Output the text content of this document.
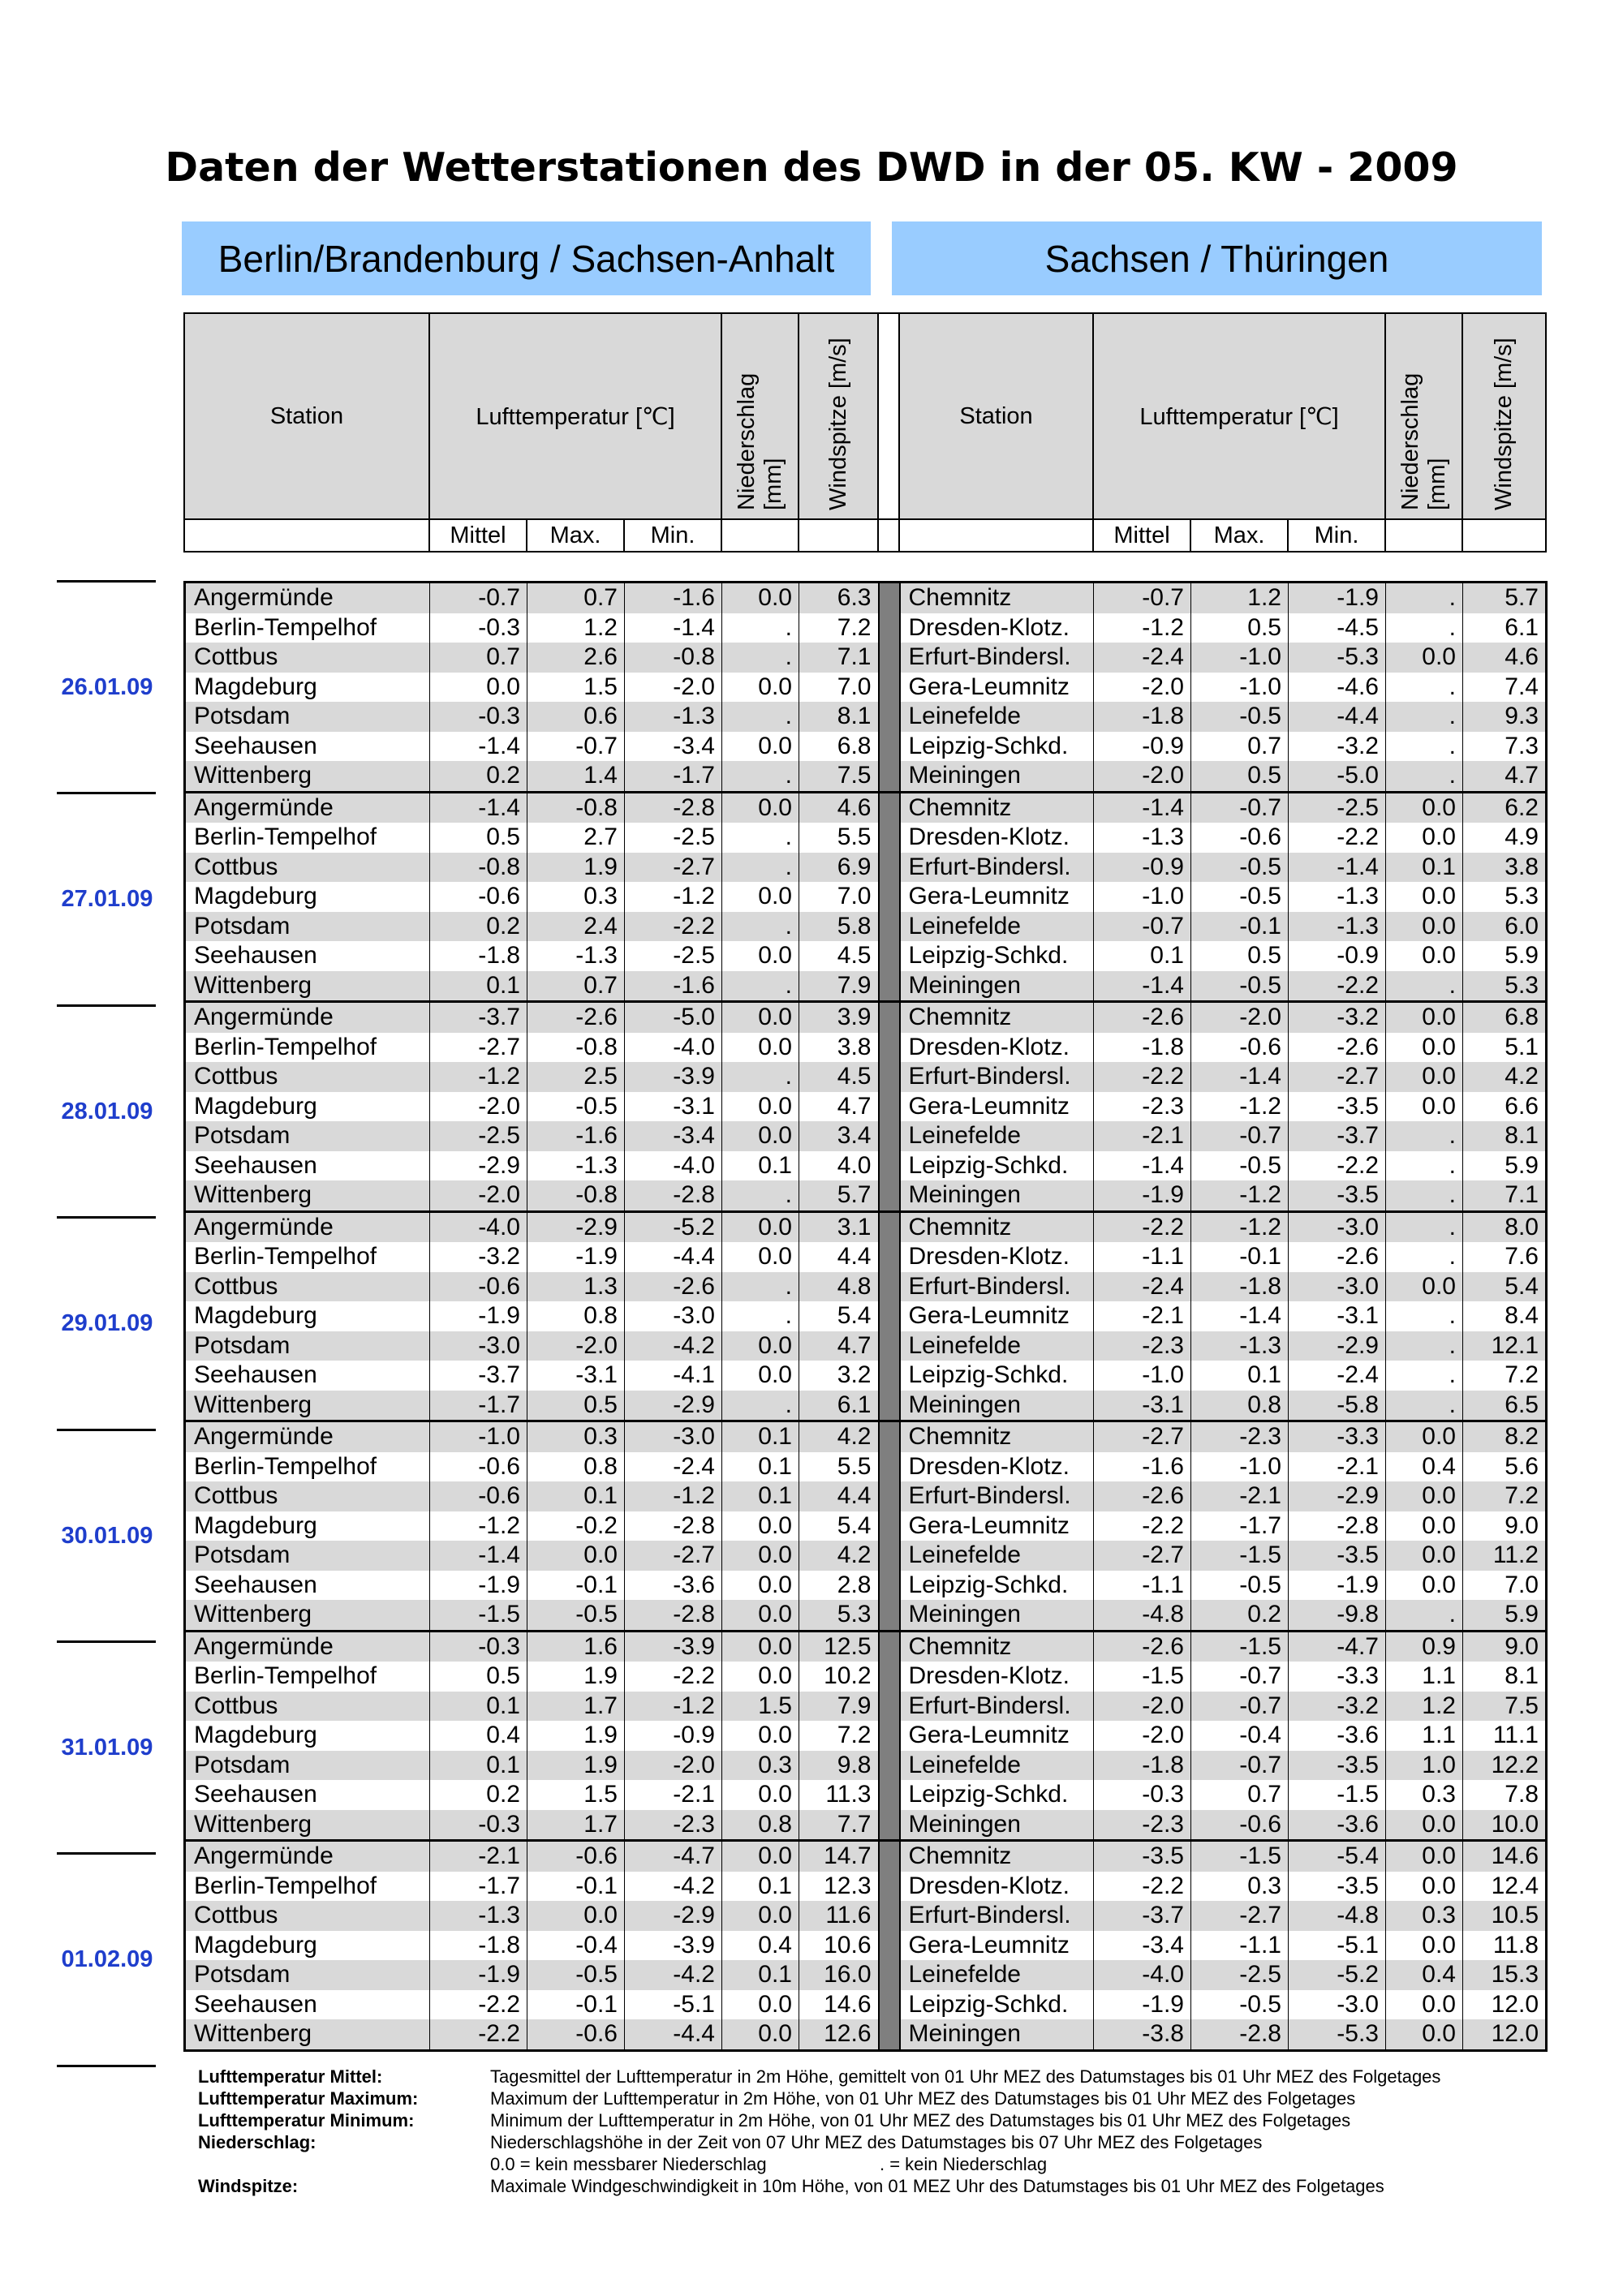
Daten der Wetterstationen des DWD in der 05. KW - 2009
Berlin/Brandenburg / Sachsen-Anhalt	Sachsen / Thüringen
Station	Lufttemperatur [℃]			Niederschlag [mm]	Windspitze [m/s]		Station	Lufttemperatur [℃]			Niederschlag [mm]	Windspitze [m/s]
	Mittel	Max.	Min.					Mittel	Max.	Min.		
Angermünde	-0.7	0.7	-1.6	0.0	6.3		Chemnitz	-0.7	1.2	-1.9	.	5.7
Berlin-Tempelhof	-0.3	1.2	-1.4	.	7.2		Dresden-Klotz.	-1.2	0.5	-4.5	.	6.1
Cottbus	0.7	2.6	-0.8	.	7.1		Erfurt-Bindersl.	-2.4	-1.0	-5.3	0.0	4.6
Magdeburg	0.0	1.5	-2.0	0.0	7.0		Gera-Leumnitz	-2.0	-1.0	-4.6	.	7.4
Potsdam	-0.3	0.6	-1.3	.	8.1		Leinefelde	-1.8	-0.5	-4.4	.	9.3
Seehausen	-1.4	-0.7	-3.4	0.0	6.8		Leipzig-Schkd.	-0.9	0.7	-3.2	.	7.3
Wittenberg	0.2	1.4	-1.7	.	7.5		Meiningen	-2.0	0.5	-5.0	.	4.7
Angermünde	-1.4	-0.8	-2.8	0.0	4.6		Chemnitz	-1.4	-0.7	-2.5	0.0	6.2
Berlin-Tempelhof	0.5	2.7	-2.5	.	5.5		Dresden-Klotz.	-1.3	-0.6	-2.2	0.0	4.9
Cottbus	-0.8	1.9	-2.7	.	6.9		Erfurt-Bindersl.	-0.9	-0.5	-1.4	0.1	3.8
Magdeburg	-0.6	0.3	-1.2	0.0	7.0		Gera-Leumnitz	-1.0	-0.5	-1.3	0.0	5.3
Potsdam	0.2	2.4	-2.2	.	5.8		Leinefelde	-0.7	-0.1	-1.3	0.0	6.0
Seehausen	-1.8	-1.3	-2.5	0.0	4.5		Leipzig-Schkd.	0.1	0.5	-0.9	0.0	5.9
Wittenberg	0.1	0.7	-1.6	.	7.9		Meiningen	-1.4	-0.5	-2.2	.	5.3
Angermünde	-3.7	-2.6	-5.0	0.0	3.9		Chemnitz	-2.6	-2.0	-3.2	0.0	6.8
Berlin-Tempelhof	-2.7	-0.8	-4.0	0.0	3.8		Dresden-Klotz.	-1.8	-0.6	-2.6	0.0	5.1
Cottbus	-1.2	2.5	-3.9	.	4.5		Erfurt-Bindersl.	-2.2	-1.4	-2.7	0.0	4.2
Magdeburg	-2.0	-0.5	-3.1	0.0	4.7		Gera-Leumnitz	-2.3	-1.2	-3.5	0.0	6.6
Potsdam	-2.5	-1.6	-3.4	0.0	3.4		Leinefelde	-2.1	-0.7	-3.7	.	8.1
Seehausen	-2.9	-1.3	-4.0	0.1	4.0		Leipzig-Schkd.	-1.4	-0.5	-2.2	.	5.9
Wittenberg	-2.0	-0.8	-2.8	.	5.7		Meiningen	-1.9	-1.2	-3.5	.	7.1
Angermünde	-4.0	-2.9	-5.2	0.0	3.1		Chemnitz	-2.2	-1.2	-3.0	.	8.0
Berlin-Tempelhof	-3.2	-1.9	-4.4	0.0	4.4		Dresden-Klotz.	-1.1	-0.1	-2.6	.	7.6
Cottbus	-0.6	1.3	-2.6	.	4.8		Erfurt-Bindersl.	-2.4	-1.8	-3.0	0.0	5.4
Magdeburg	-1.9	0.8	-3.0	.	5.4		Gera-Leumnitz	-2.1	-1.4	-3.1	.	8.4
Potsdam	-3.0	-2.0	-4.2	0.0	4.7		Leinefelde	-2.3	-1.3	-2.9	.	12.1
Seehausen	-3.7	-3.1	-4.1	0.0	3.2		Leipzig-Schkd.	-1.0	0.1	-2.4	.	7.2
Wittenberg	-1.7	0.5	-2.9	.	6.1		Meiningen	-3.1	0.8	-5.8	.	6.5
Angermünde	-1.0	0.3	-3.0	0.1	4.2		Chemnitz	-2.7	-2.3	-3.3	0.0	8.2
Berlin-Tempelhof	-0.6	0.8	-2.4	0.1	5.5		Dresden-Klotz.	-1.6	-1.0	-2.1	0.4	5.6
Cottbus	-0.6	0.1	-1.2	0.1	4.4		Erfurt-Bindersl.	-2.6	-2.1	-2.9	0.0	7.2
Magdeburg	-1.2	-0.2	-2.8	0.0	5.4		Gera-Leumnitz	-2.2	-1.7	-2.8	0.0	9.0
Potsdam	-1.4	0.0	-2.7	0.0	4.2		Leinefelde	-2.7	-1.5	-3.5	0.0	11.2
Seehausen	-1.9	-0.1	-3.6	0.0	2.8		Leipzig-Schkd.	-1.1	-0.5	-1.9	0.0	7.0
Wittenberg	-1.5	-0.5	-2.8	0.0	5.3		Meiningen	-4.8	0.2	-9.8	.	5.9
Angermünde	-0.3	1.6	-3.9	0.0	12.5		Chemnitz	-2.6	-1.5	-4.7	0.9	9.0
Berlin-Tempelhof	0.5	1.9	-2.2	0.0	10.2		Dresden-Klotz.	-1.5	-0.7	-3.3	1.1	8.1
Cottbus	0.1	1.7	-1.2	1.5	7.9		Erfurt-Bindersl.	-2.0	-0.7	-3.2	1.2	7.5
Magdeburg	0.4	1.9	-0.9	0.0	7.2		Gera-Leumnitz	-2.0	-0.4	-3.6	1.1	11.1
Potsdam	0.1	1.9	-2.0	0.3	9.8		Leinefelde	-1.8	-0.7	-3.5	1.0	12.2
Seehausen	0.2	1.5	-2.1	0.0	11.3		Leipzig-Schkd.	-0.3	0.7	-1.5	0.3	7.8
Wittenberg	-0.3	1.7	-2.3	0.8	7.7		Meiningen	-2.3	-0.6	-3.6	0.0	10.0
Angermünde	-2.1	-0.6	-4.7	0.0	14.7		Chemnitz	-3.5	-1.5	-5.4	0.0	14.6
Berlin-Tempelhof	-1.7	-0.1	-4.2	0.1	12.3		Dresden-Klotz.	-2.2	0.3	-3.5	0.0	12.4
Cottbus	-1.3	0.0	-2.9	0.0	11.6		Erfurt-Bindersl.	-3.7	-2.7	-4.8	0.3	10.5
Magdeburg	-1.8	-0.4	-3.9	0.4	10.6		Gera-Leumnitz	-3.4	-1.1	-5.1	0.0	11.8
Potsdam	-1.9	-0.5	-4.2	0.1	16.0		Leinefelde	-4.0	-2.5	-5.2	0.4	15.3
Seehausen	-2.2	-0.1	-5.1	0.0	14.6		Leipzig-Schkd.	-1.9	-0.5	-3.0	0.0	12.0
Wittenberg	-2.2	-0.6	-4.4	0.0	12.6		Meiningen	-3.8	-2.8	-5.3	0.0	12.0
26.01.09
27.01.09
28.01.09
29.01.09
30.01.09
31.01.09
01.02.09
Lufttemperatur Mittel:	Tagesmittel der Lufttemperatur in 2m Höhe, gemittelt von 01 Uhr MEZ des Datumstages bis 01 Uhr MEZ des Folgetages
Lufttemperatur Maximum:	Maximum der Lufttemperatur in 2m Höhe, von 01 Uhr MEZ des Datumstages bis 01 Uhr MEZ des Folgetages
Lufttemperatur Minimum:	Minimum der Lufttemperatur in 2m Höhe, von 01 Uhr MEZ des Datumstages bis 01 Uhr MEZ des Folgetages
Niederschlag:	Niederschlagshöhe in der Zeit von 07 Uhr MEZ des Datumstages bis 07 Uhr MEZ des Folgetages
0.0 = kein messbarer Niederschlag	. = kein Niederschlag
Windspitze:	Maximale Windgeschwindigkeit in 10m Höhe, von 01 MEZ Uhr des Datumstages bis 01 Uhr MEZ des Folgetages
